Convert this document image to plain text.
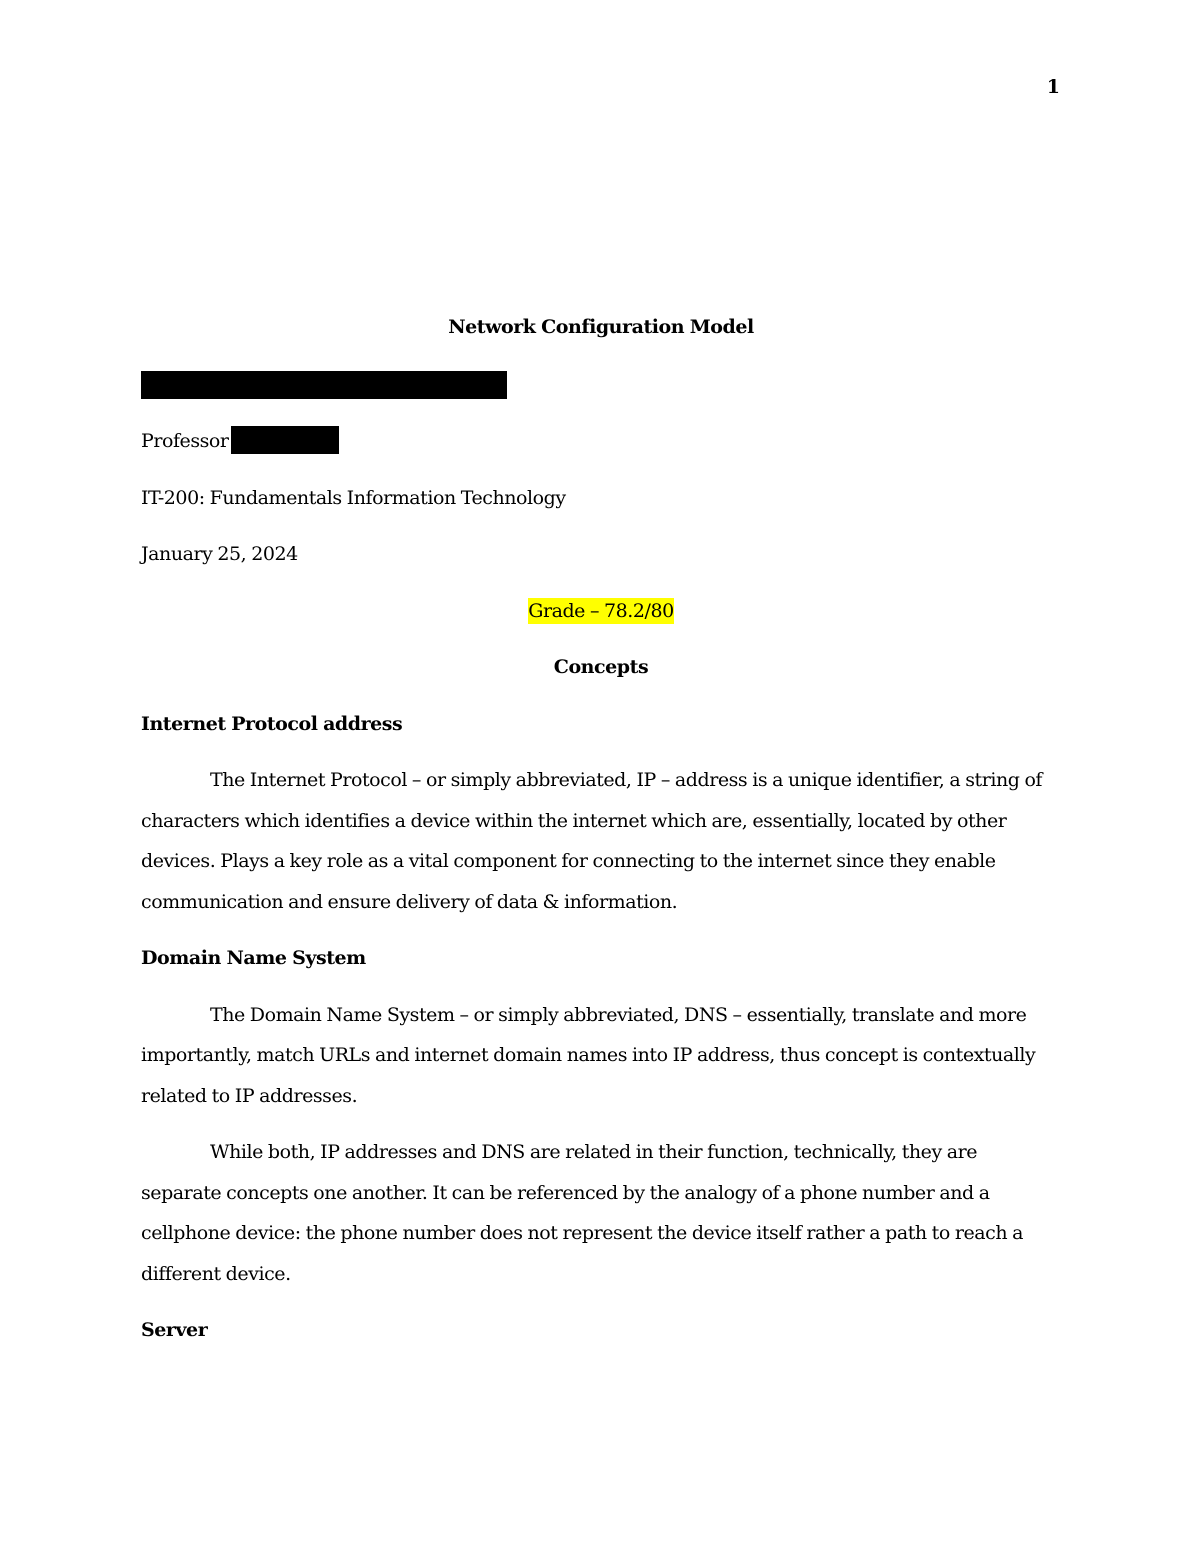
1

Network Configuration Model

Professor

IT-200: Fundamentals Information Technology

January 25, 2024

Grade – 78.2/80

Concepts

Internet Protocol address

The Internet Protocol – or simply abbreviated, IP – address is a unique identifier, a string of characters which identifies a device within the internet which are, essentially, located by other devices. Plays a key role as a vital component for connecting to the internet since they enable communication and ensure delivery of data & information.

Domain Name System

The Domain Name System – or simply abbreviated, DNS – essentially, translate and more importantly, match URLs and internet domain names into IP address, thus concept is contextually related to IP addresses.

While both, IP addresses and DNS are related in their function, technically, they are separate concepts one another. It can be referenced by the analogy of a phone number and a cellphone device: the phone number does not represent the device itself rather a path to reach a different device.

Server
